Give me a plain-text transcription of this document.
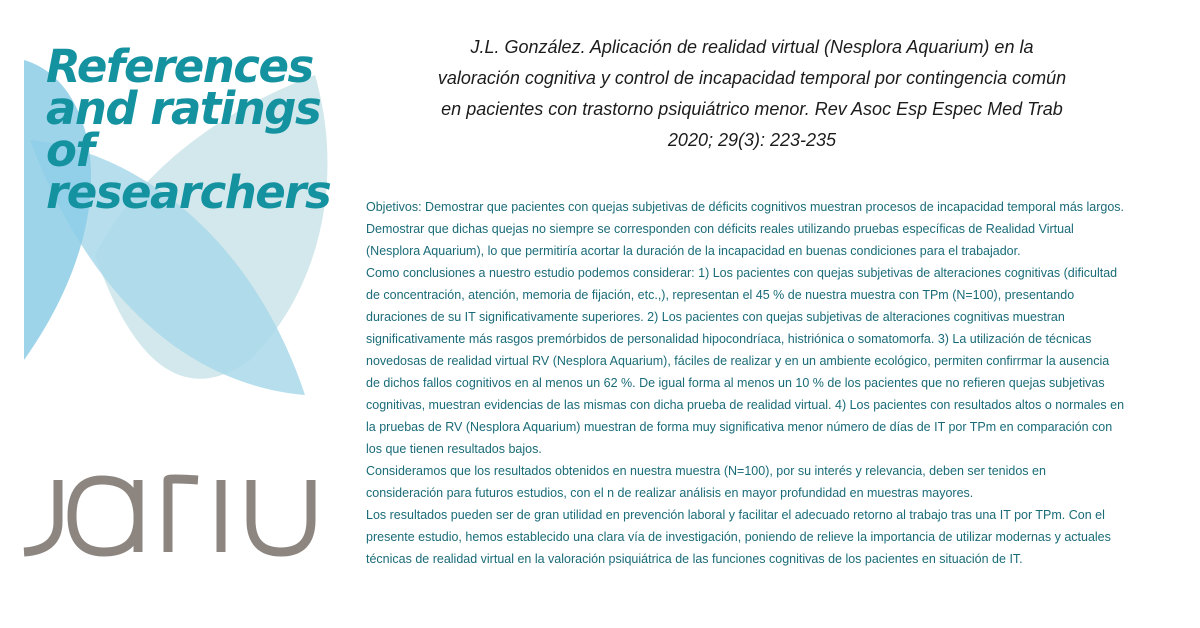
References and ratings of researchers

J.L. González. Aplicación de realidad virtual (Nesplora Aquarium) en la valoración cognitiva y control de incapacidad temporal por contingencia común en pacientes con trastorno psiquiátrico menor. Rev Asoc Esp Espec Med Trab 2020; 29(3): 223-235

Objetivos: Demostrar que pacientes con quejas subjetivas de déficits cognitivos muestran procesos de incapacidad temporal más largos. Demostrar que dichas quejas no siempre se corresponden con déficits reales utilizando pruebas específicas de Realidad Virtual (Nesplora Aquarium), lo que permitiría acortar la duración de la incapacidad en buenas condiciones para el trabajador.

Como conclusiones a nuestro estudio podemos considerar: 1) Los pacientes con quejas subjetivas de alteraciones cognitivas (dificultad de concentración, atención, memoria de fijación, etc.,), representan el 45 % de nuestra muestra con TPm (N=100), presentando duraciones de su IT significativamente superiores. 2) Los pacientes con quejas subjetivas de alteraciones cognitivas muestran significativamente más rasgos premórbidos de personalidad hipocondríaca, histriónica o somatomorfa. 3) La utilización de técnicas novedosas de realidad virtual RV (Nesplora Aquarium), fáciles de realizar y en un ambiente ecológico, permiten confirrmar la ausencia de dichos fallos cognitivos en al menos un 62 %. De igual forma al menos un 10 % de los pacientes que no refieren quejas subjetivas cognitivas, muestran evidencias de las mismas con dicha prueba de realidad virtual. 4) Los pacientes con resultados altos o normales en la pruebas de RV (Nesplora Aquarium) muestran de forma muy significativa menor número de días de IT por TPm en comparación con los que tienen resultados bajos.

Consideramos que los resultados obtenidos en nuestra muestra (N=100), por su interés y relevancia, deben ser tenidos en consideración para futuros estudios, con el n de realizar análisis en mayor profundidad en muestras mayores.

Los resultados pueden ser de gran utilidad en prevención laboral y facilitar el adecuado retorno al trabajo tras una IT por TPm. Con el presente estudio, hemos establecido una clara vía de investigación, poniendo de relieve la importancia de utilizar modernas y actuales técnicas de realidad virtual en la valoración psiquiátrica de las funciones cognitivas de los pacientes en situación de IT.
